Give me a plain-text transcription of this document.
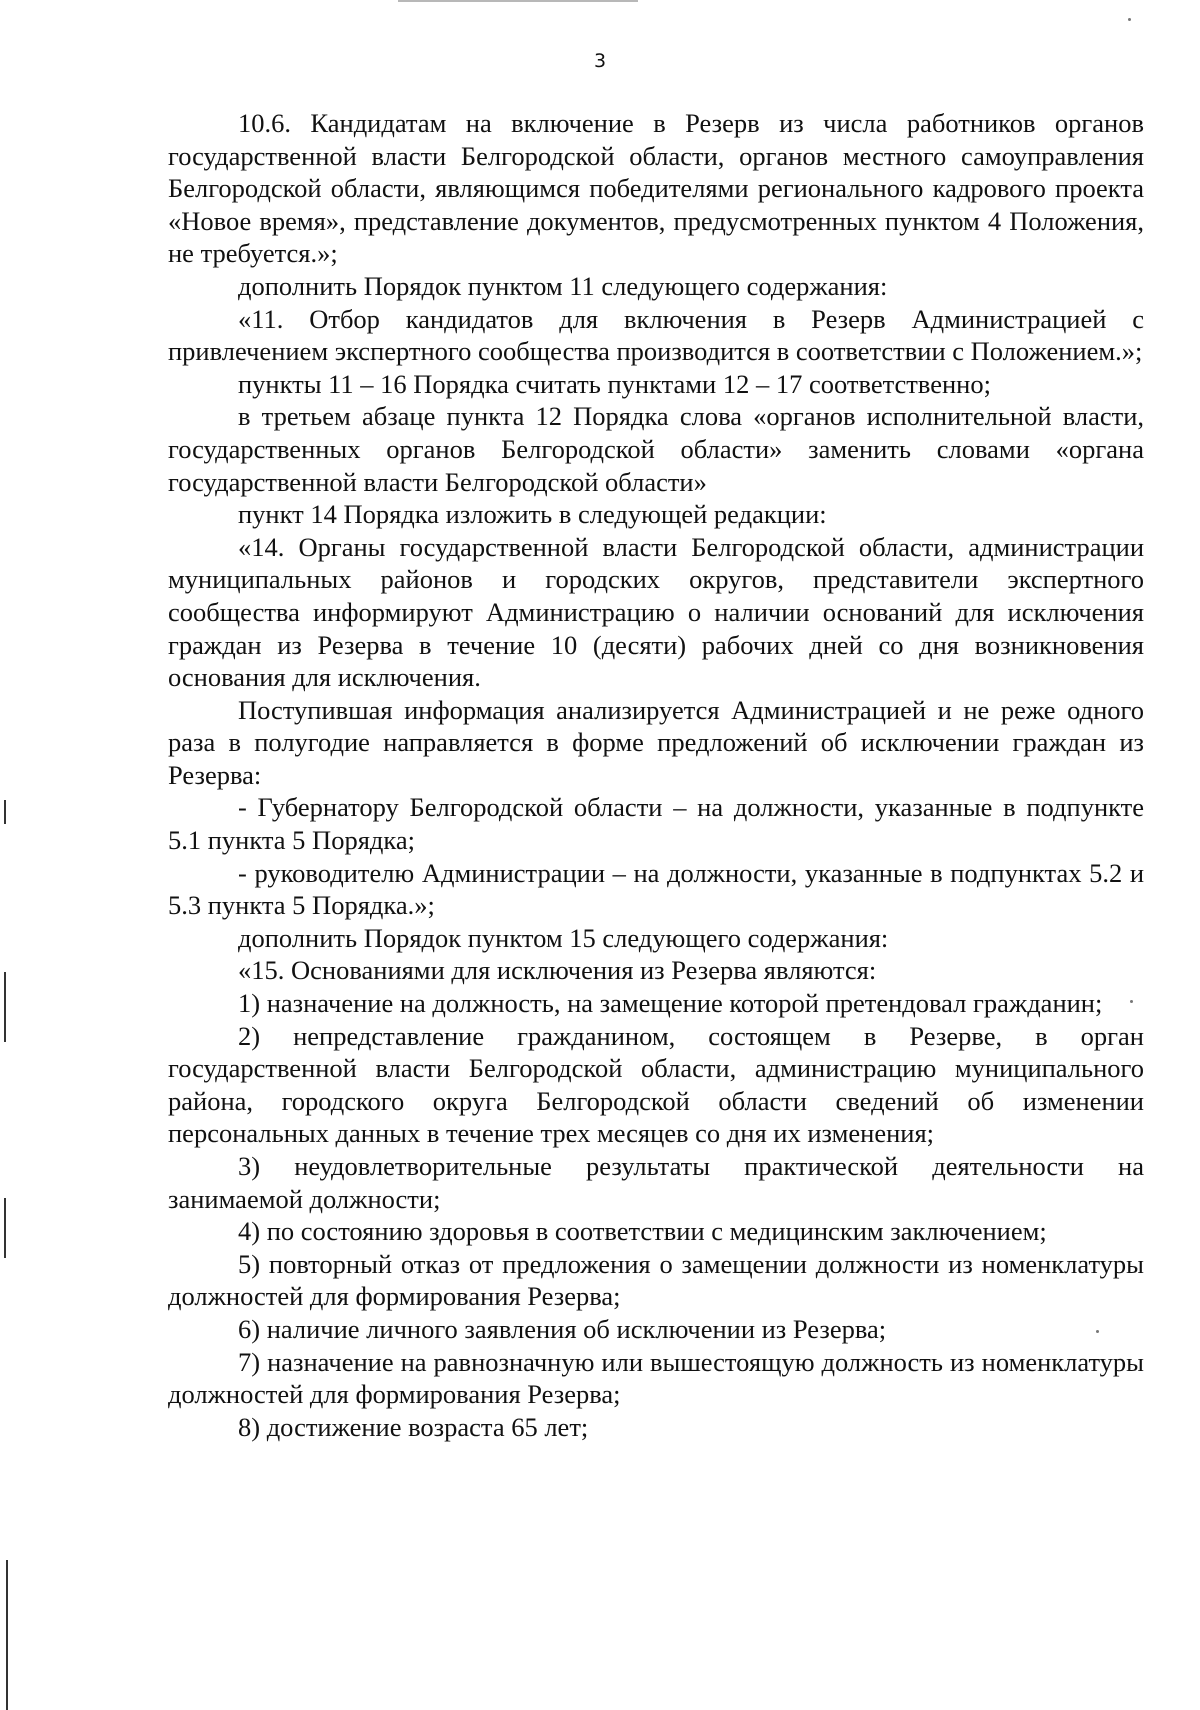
3

10.6. Кандидатам на включение в Резерв из числа работников органов государственной власти Белгородской области, органов местного самоуправления Белгородской области, являющимся победителями регионального кадрового проекта «Новое время», представление документов, предусмотренных пунктом 4 Положения, не требуется.»;

дополнить Порядок пунктом 11 следующего содержания:

«11. Отбор кандидатов для включения в Резерв Администрацией с привлечением экспертного сообщества производится в соответствии с Положением.»;

пункты 11 – 16 Порядка считать пунктами 12 – 17 соответственно;

в третьем абзаце пункта 12 Порядка слова «органов исполнительной власти, государственных органов Белгородской области» заменить словами «органа государственной власти Белгородской области»

пункт 14 Порядка изложить в следующей редакции:

«14. Органы государственной власти Белгородской области, администрации муниципальных районов и городских округов, представители экспертного сообщества информируют Администрацию о наличии оснований для исключения граждан из Резерва в течение 10 (десяти) рабочих дней со дня возникновения основания для исключения.

Поступившая информация анализируется Администрацией и не реже одного раза в полугодие направляется в форме предложений об исключении граждан из Резерва:

- Губернатору Белгородской области – на должности, указанные в подпункте 5.1 пункта 5 Порядка;

- руководителю Администрации – на должности, указанные в подпунктах 5.2 и 5.3 пункта 5 Порядка.»;

дополнить Порядок пунктом 15 следующего содержания:

«15. Основаниями для исключения из Резерва являются:

1) назначение на должность, на замещение которой претендовал гражданин;

2) непредставление гражданином, состоящем в Резерве, в орган государственной власти Белгородской области, администрацию муниципального района, городского округа Белгородской области сведений об изменении персональных данных в течение трех месяцев со дня их изменения;

3) неудовлетворительные результаты практической деятельности на занимаемой должности;

4) по состоянию здоровья в соответствии с медицинским заключением;

5) повторный отказ от предложения о замещении должности из номенклатуры должностей для формирования Резерва;

6) наличие личного заявления об исключении из Резерва;

7) назначение на равнозначную или вышестоящую должность из номенклатуры должностей для формирования Резерва;

8) достижение возраста 65 лет;
